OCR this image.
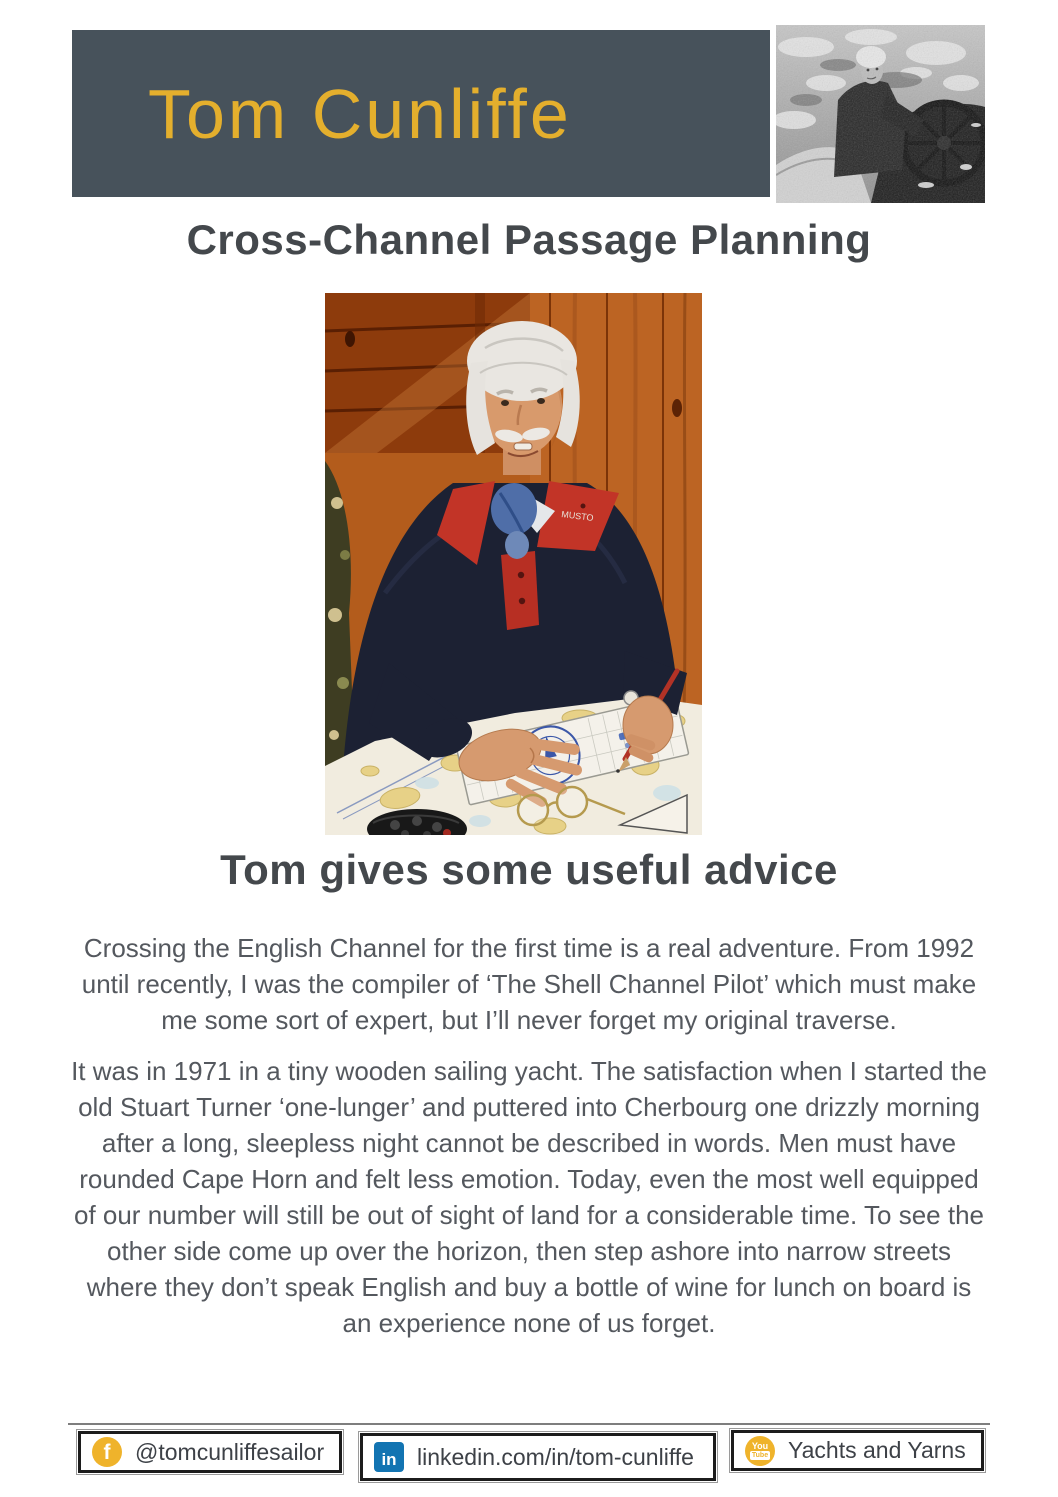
Tom Cunliffe
Cross-Channel Passage Planning
MUSTO
Tom gives some useful advice

Crossing the English Channel for the first time is a real adventure. From 1992 until recently, I was the compiler of ‘The Shell Channel Pilot’ which must make me some sort of expert, but I’ll never forget my original traverse.

It was in 1971 in a tiny wooden sailing yacht. The satisfaction when I started the old Stuart Turner ‘one-lunger’ and puttered into Cherbourg one drizzly morning after a long, sleepless night cannot be described in words. Men must have rounded Cape Horn and felt less emotion. Today, even the most well equipped of our number will still be out of sight of land for a considerable time. To see the other side come up over the horizon, then step ashore into narrow streets where they don’t speak English and buy a bottle of wine for lunch on board is an experience none of us forget.

f @tomcunliffesailor	in linkedin.com/in/tom-cunliffe	You
Tube Yachts and Yarns
